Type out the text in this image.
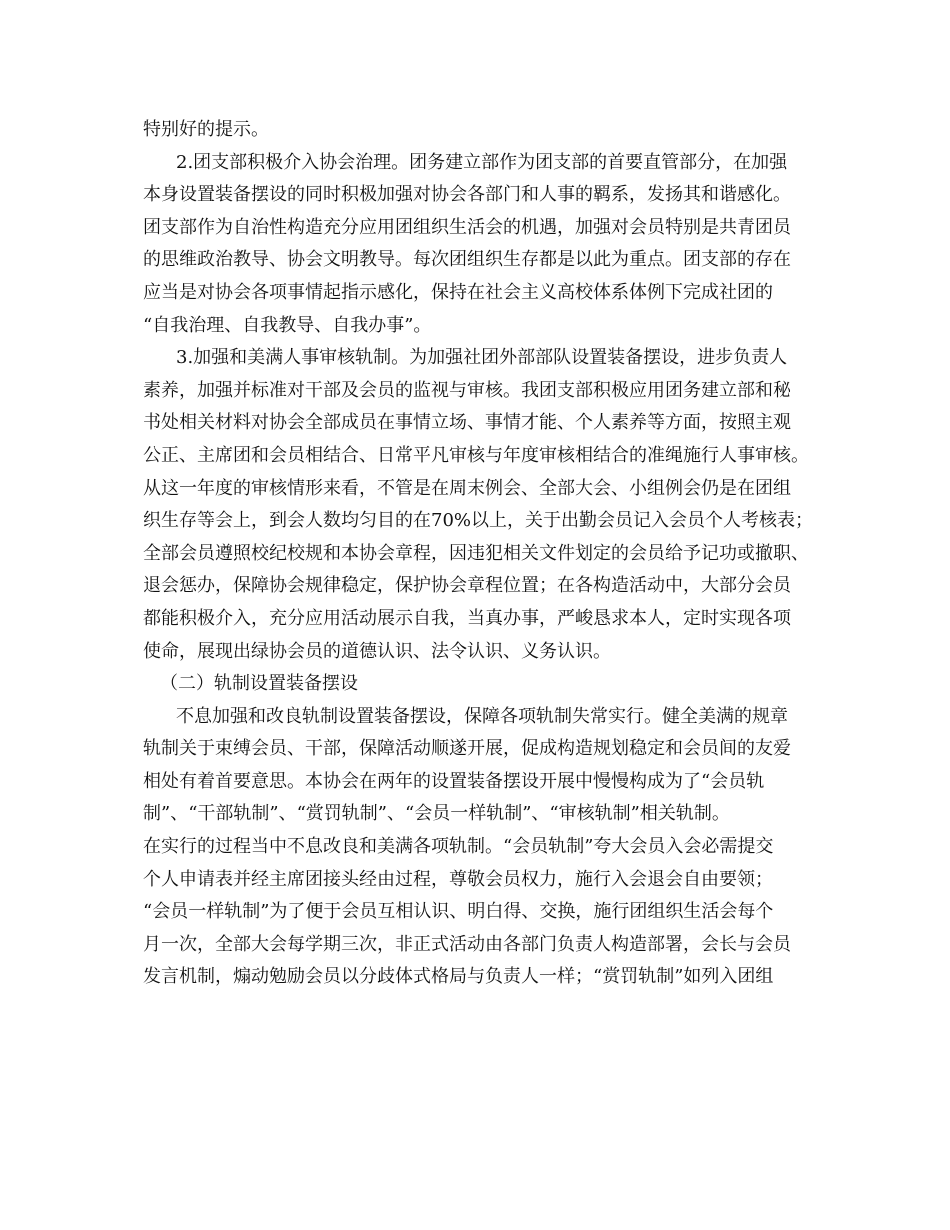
特别好的提示。
2.团支部积极介入协会治理。团务建立部作为团支部的首要直管部分，在加强
本身设置装备摆设的同时积极加强对协会各部门和人事的羁系，发扬其和谐感化。
团支部作为自治性构造充分应用团组织生活会的机遇，加强对会员特别是共青团员
的思维政治教导、协会文明教导。每次团组织生存都是以此为重点。团支部的存在
应当是对协会各项事情起指示感化，保持在社会主义高校体系体例下完成社团的
“自我治理、自我教导、自我办事”。
3.加强和美满人事审核轨制。为加强社团外部部队设置装备摆设，进步负责人
素养，加强并标准对干部及会员的监视与审核。我团支部积极应用团务建立部和秘
书处相关材料对协会全部成员在事情立场、事情才能、个人素养等方面，按照主观
公正、主席团和会员相结合、日常平凡审核与年度审核相结合的准绳施行人事审核。
从这一年度的审核情形来看，不管是在周末例会、全部大会、小组例会仍是在团组
织生存等会上，到会人数均匀目的在70%以上，关于出勤会员记入会员个人考核表；
全部会员遵照校纪校规和本协会章程，因违犯相关文件划定的会员给予记功或撤职、
退会惩办，保障协会规律稳定，保护协会章程位置；在各构造活动中，大部分会员
都能积极介入，充分应用活动展示自我，当真办事，严峻恳求本人，定时实现各项
使命，展现出绿协会员的道德认识、法令认识、义务认识。
（二）轨制设置装备摆设
不息加强和改良轨制设置装备摆设，保障各项轨制失常实行。健全美满的规章
轨制关于束缚会员、干部，保障活动顺遂开展，促成构造规划稳定和会员间的友爱
相处有着首要意思。本协会在两年的设置装备摆设开展中慢慢构成为了“会员轨
制”、“干部轨制”、“赏罚轨制”、“会员一样轨制”、“审核轨制”相关轨制。
在实行的过程当中不息改良和美满各项轨制。“会员轨制”夸大会员入会必需提交
个人申请表并经主席团接头经由过程，尊敬会员权力，施行入会退会自由要领；
“会员一样轨制”为了便于会员互相认识、明白得、交换，施行团组织生活会每个
月一次，全部大会每学期三次，非正式活动由各部门负责人构造部署，会长与会员
发言机制，煽动勉励会员以分歧体式格局与负责人一样；“赏罚轨制”如列入团组
